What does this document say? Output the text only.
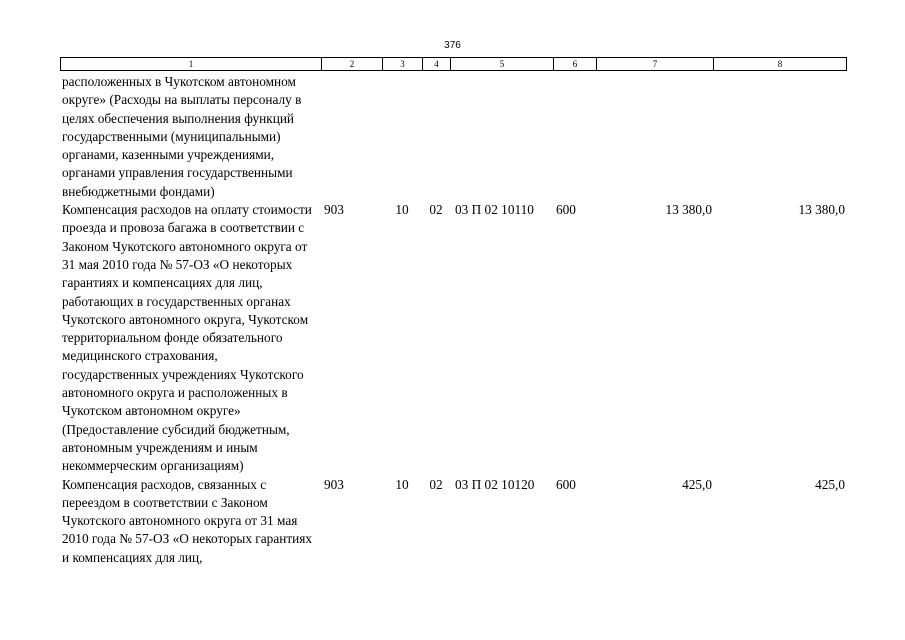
376
1	2	3	4	5	6	7	8
расположенных в Чукотском автономном округе» (Расходы на выплаты персоналу в целях обеспечения выполнения функций государственными (муниципальными) органами, казенными учреждениями, органами управления государственными внебюджетными фондами)							
Компенсация расходов на оплату стоимости проезда и провоза багажа в соответствии с Законом Чукотского автономного округа от 31 мая 2010 года № 57-ОЗ «О некоторых гарантиях и компенсациях для лиц, работающих в государственных органах Чукотского автономного округа, Чукотском территориальном фонде обязательного медицинского страхования, государственных учреждениях Чукотского автономного округа и расположенных в Чукотском автономном округе» (Предоставление субсидий бюджетным, автономным учреждениям и иным некоммерческим организациям)	903	10	02	03 П 02 10110	600	13 380,0	13 380,0
Компенсация расходов, связанных с переездом в соответствии с Законом Чукотского автономного округа от 31 мая 2010 года № 57-ОЗ «О некоторых гарантиях и компенсациях для лиц,	903	10	02	03 П 02 10120	600	425,0	425,0
